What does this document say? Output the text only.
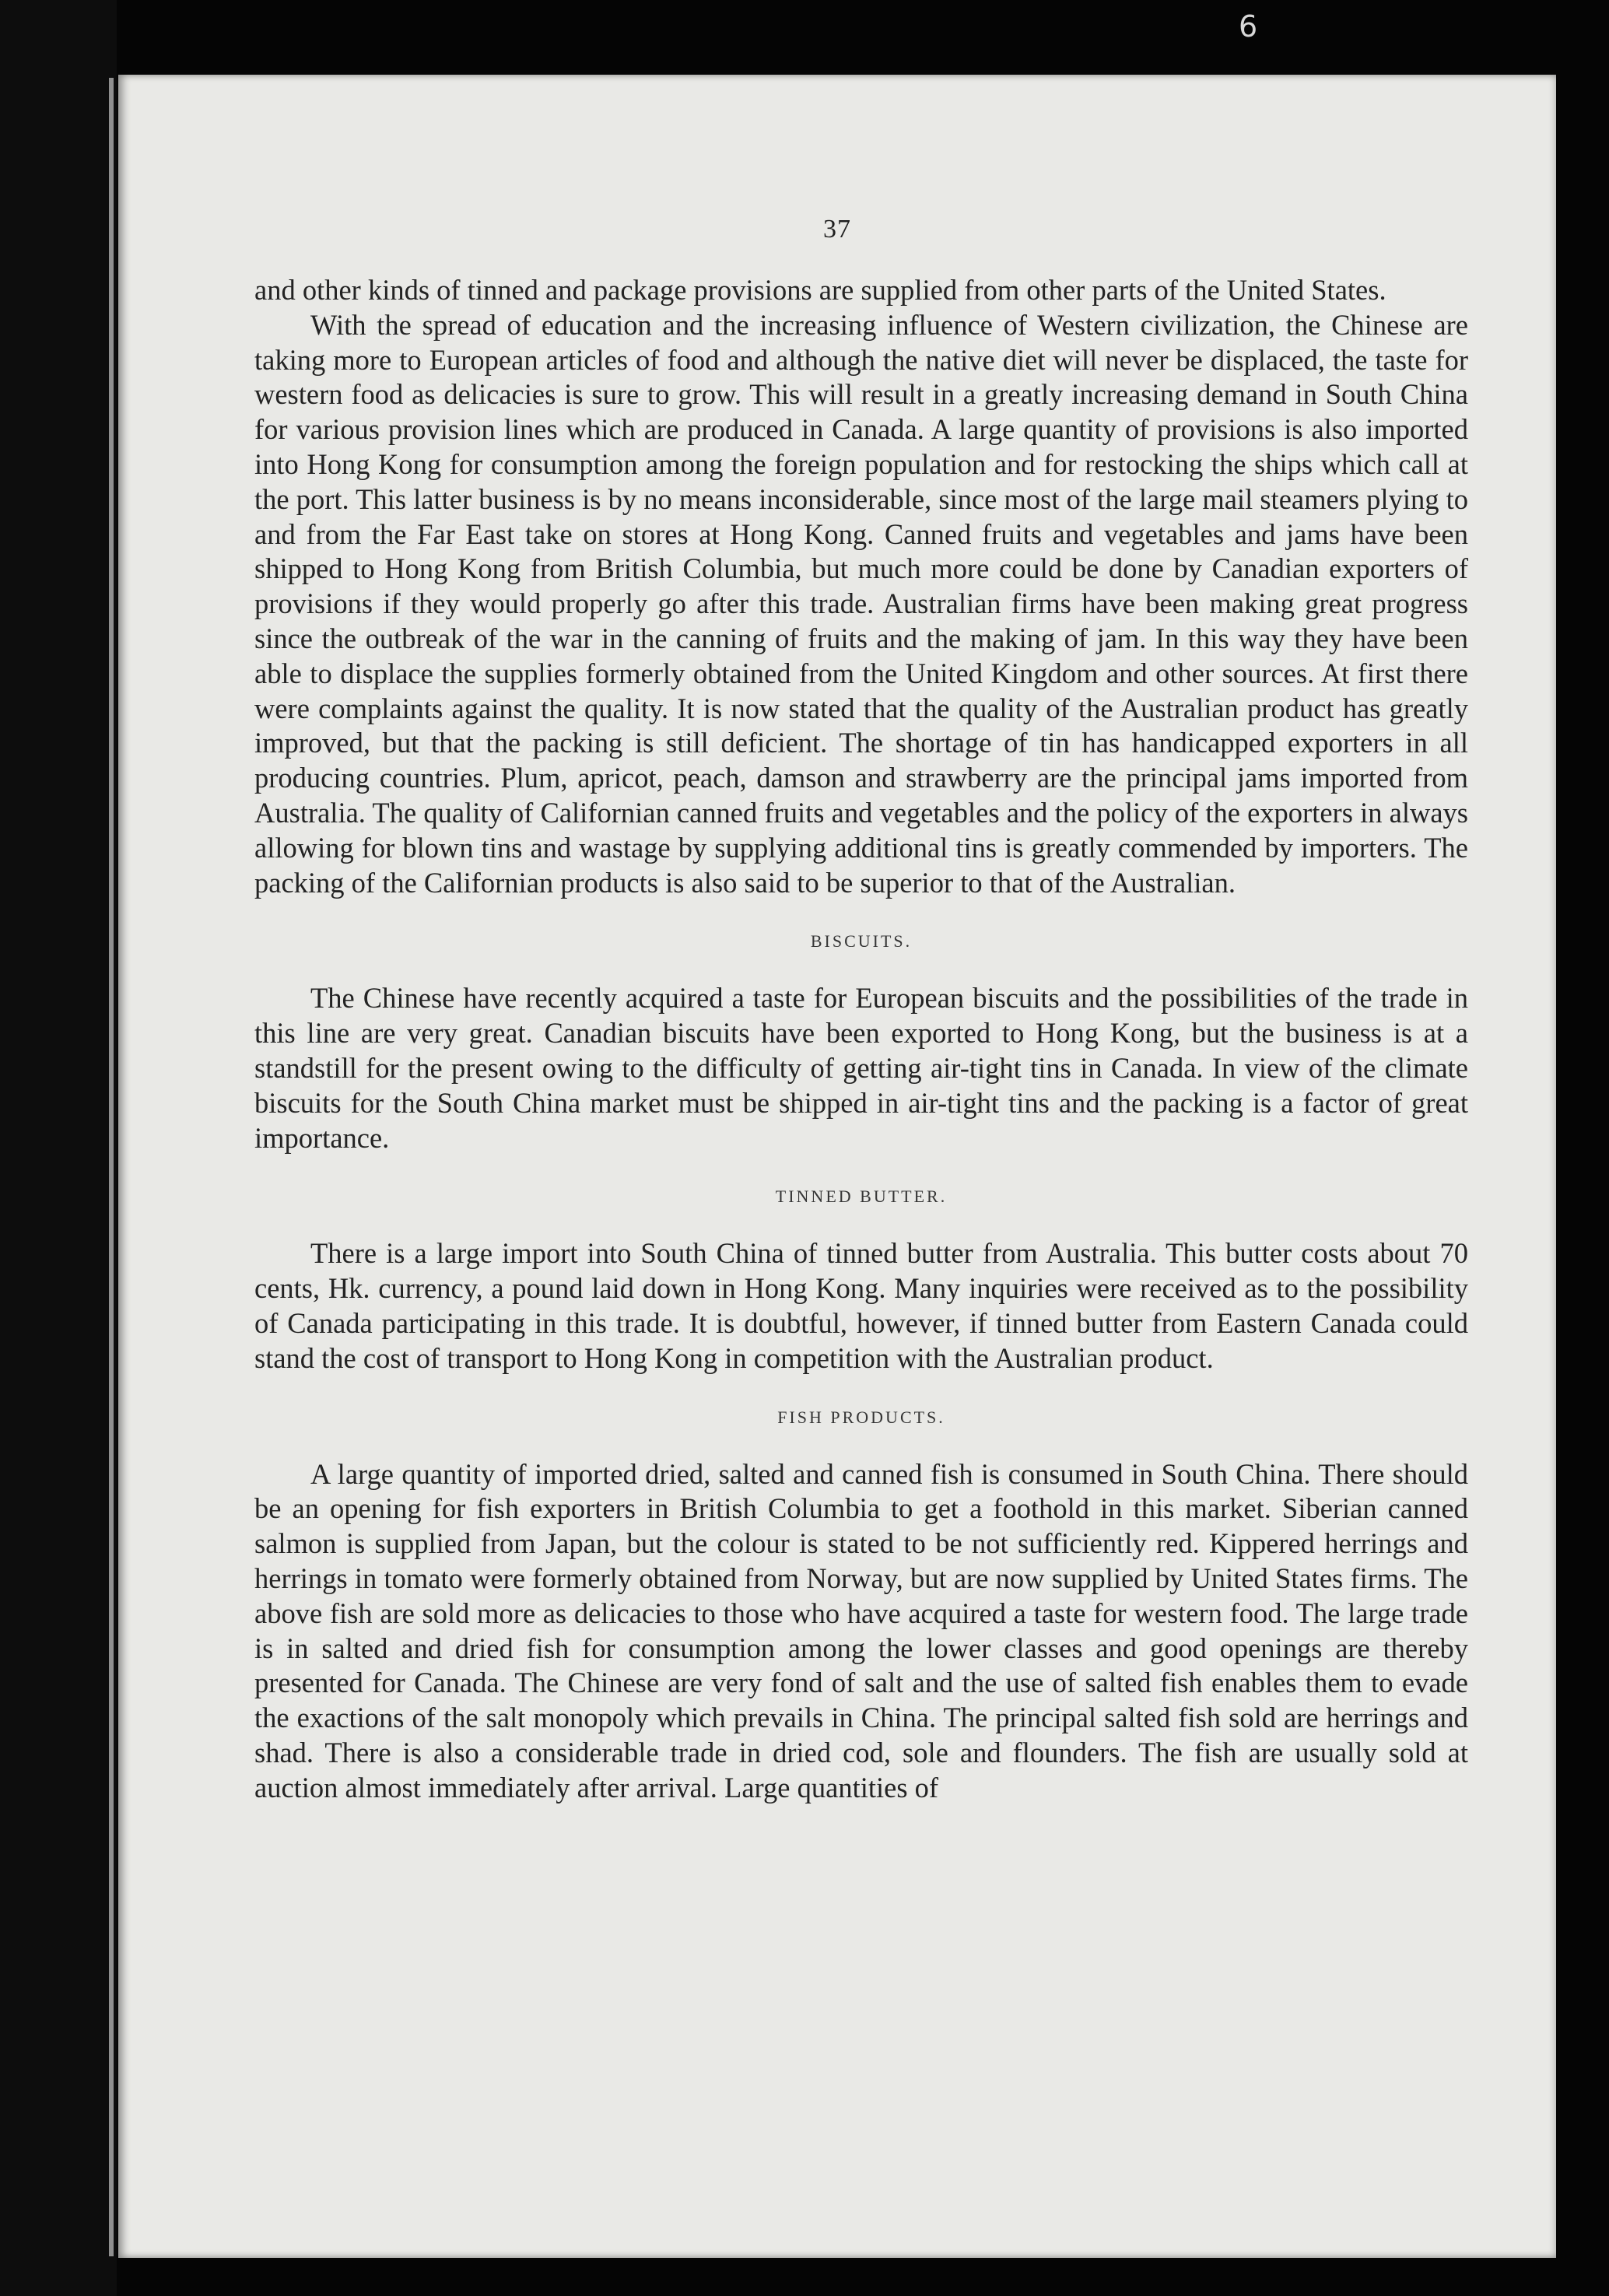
6
37

and other kinds of tinned and package provisions are supplied from other parts of the United States.

With the spread of education and the increasing influence of Western civilization, the Chinese are taking more to European articles of food and although the native diet will never be displaced, the taste for western food as delicacies is sure to grow. This will result in a greatly increasing demand in South China for various provision lines which are produced in Canada. A large quantity of provisions is also imported into Hong Kong for consumption among the foreign population and for restocking the ships which call at the port. This latter business is by no means inconsiderable, since most of the large mail steamers plying to and from the Far East take on stores at Hong Kong. Canned fruits and vegetables and jams have been shipped to Hong Kong from British Columbia, but much more could be done by Canadian exporters of provisions if they would properly go after this trade. Australian firms have been making great progress since the outbreak of the war in the canning of fruits and the making of jam. In this way they have been able to displace the supplies formerly obtained from the United Kingdom and other sources. At first there were complaints against the quality. It is now stated that the quality of the Australian product has greatly improved, but that the packing is still deficient. The shortage of tin has handicapped exporters in all producing countries. Plum, apricot, peach, damson and strawberry are the principal jams imported from Australia. The quality of Californian canned fruits and vegetables and the policy of the exporters in always allowing for blown tins and wastage by supplying additional tins is greatly commended by importers. The packing of the Californian products is also said to be superior to that of the Australian.

BISCUITS.

The Chinese have recently acquired a taste for European biscuits and the possibilities of the trade in this line are very great. Canadian biscuits have been exported to Hong Kong, but the business is at a standstill for the present owing to the difficulty of getting air-tight tins in Canada. In view of the climate biscuits for the South China market must be shipped in air-tight tins and the packing is a factor of great importance.

TINNED BUTTER.

There is a large import into South China of tinned butter from Australia. This butter costs about 70 cents, Hk. currency, a pound laid down in Hong Kong. Many inquiries were received as to the possibility of Canada participating in this trade. It is doubtful, however, if tinned butter from Eastern Canada could stand the cost of transport to Hong Kong in competition with the Australian product.

FISH PRODUCTS.

A large quantity of imported dried, salted and canned fish is consumed in South China. There should be an opening for fish exporters in British Columbia to get a foothold in this market. Siberian canned salmon is supplied from Japan, but the colour is stated to be not sufficiently red. Kippered herrings and herrings in tomato were formerly obtained from Norway, but are now supplied by United States firms. The above fish are sold more as delicacies to those who have acquired a taste for western food. The large trade is in salted and dried fish for consumption among the lower classes and good openings are thereby presented for Canada. The Chinese are very fond of salt and the use of salted fish enables them to evade the exactions of the salt monopoly which prevails in China. The principal salted fish sold are herrings and shad. There is also a considerable trade in dried cod, sole and flounders. The fish are usually sold at auction almost immediately after arrival. Large quantities of
